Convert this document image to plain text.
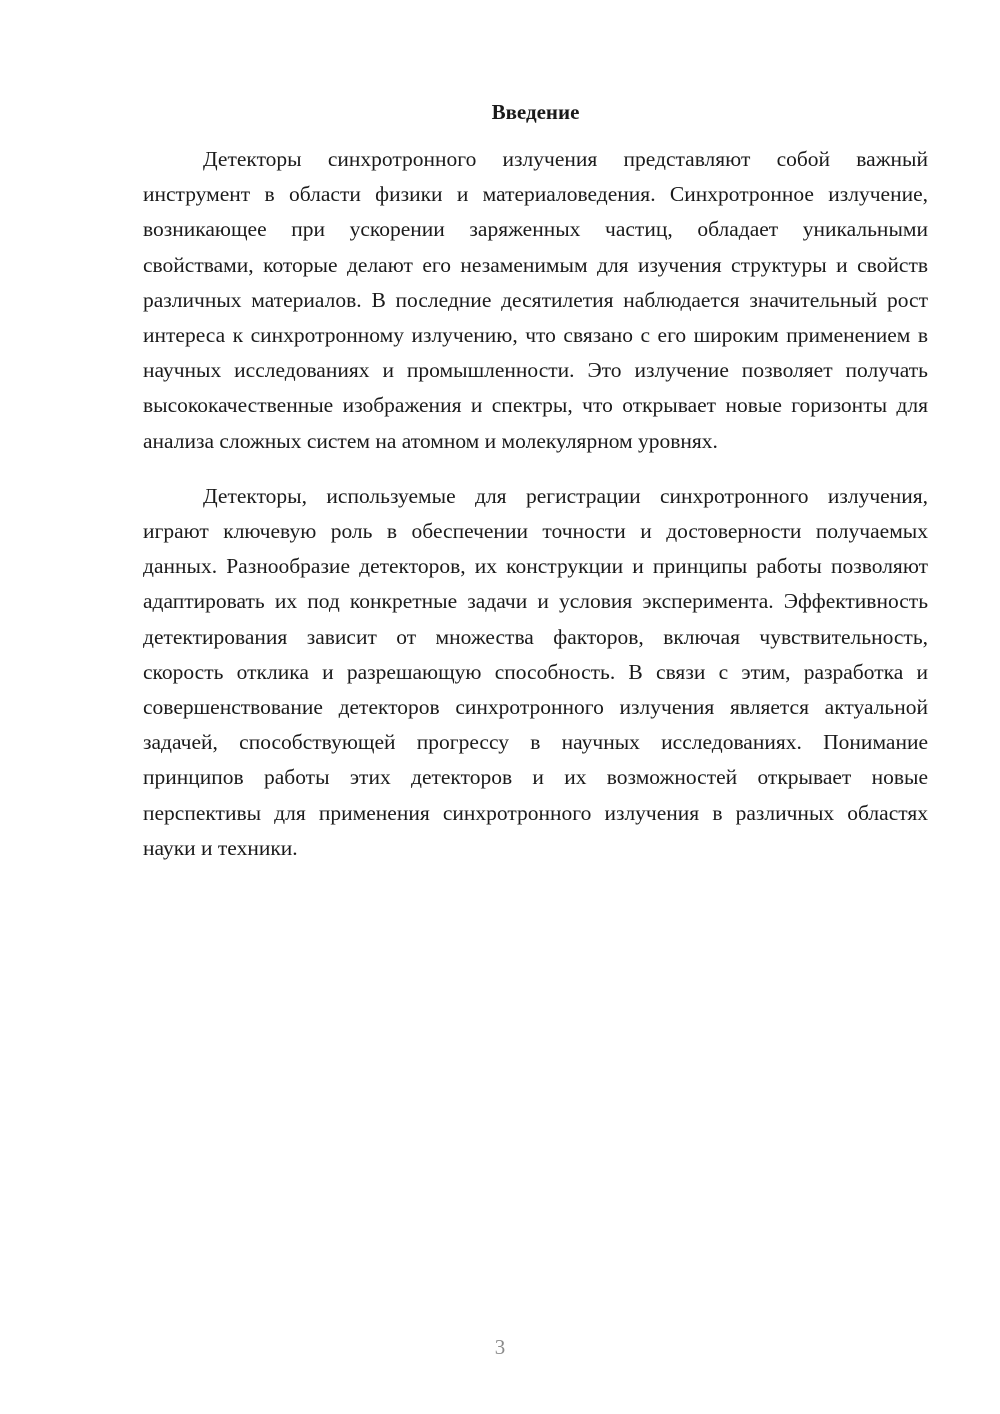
Введение

Детекторы синхротронного излучения представляют собой важный инструмент в области физики и материаловедения. Синхротронное излучение, возникающее при ускорении заряженных частиц, обладает уникальными свойствами, которые делают его незаменимым для изучения структуры и свойств различных материалов. В последние десятилетия наблюдается значительный рост интереса к синхротронному излучению, что связано с его широким применением в научных исследованиях и промышленности. Это излучение позволяет получать высококачественные изображения и спектры, что открывает новые горизонты для анализа сложных систем на атомном и молекулярном уровнях.

Детекторы, используемые для регистрации синхротронного излучения, играют ключевую роль в обеспечении точности и достоверности получаемых данных. Разнообразие детекторов, их конструкции и принципы работы позволяют адаптировать их под конкретные задачи и условия эксперимента. Эффективность детектирования зависит от множества факторов, включая чувствительность, скорость отклика и разрешающую способность. В связи с этим, разработка и совершенствование детекторов синхротронного излучения является актуальной задачей, способствующей прогрессу в научных исследованиях. Понимание принципов работы этих детекторов и их возможностей открывает новые перспективы для применения синхротронного излучения в различных областях науки и техники.

3
